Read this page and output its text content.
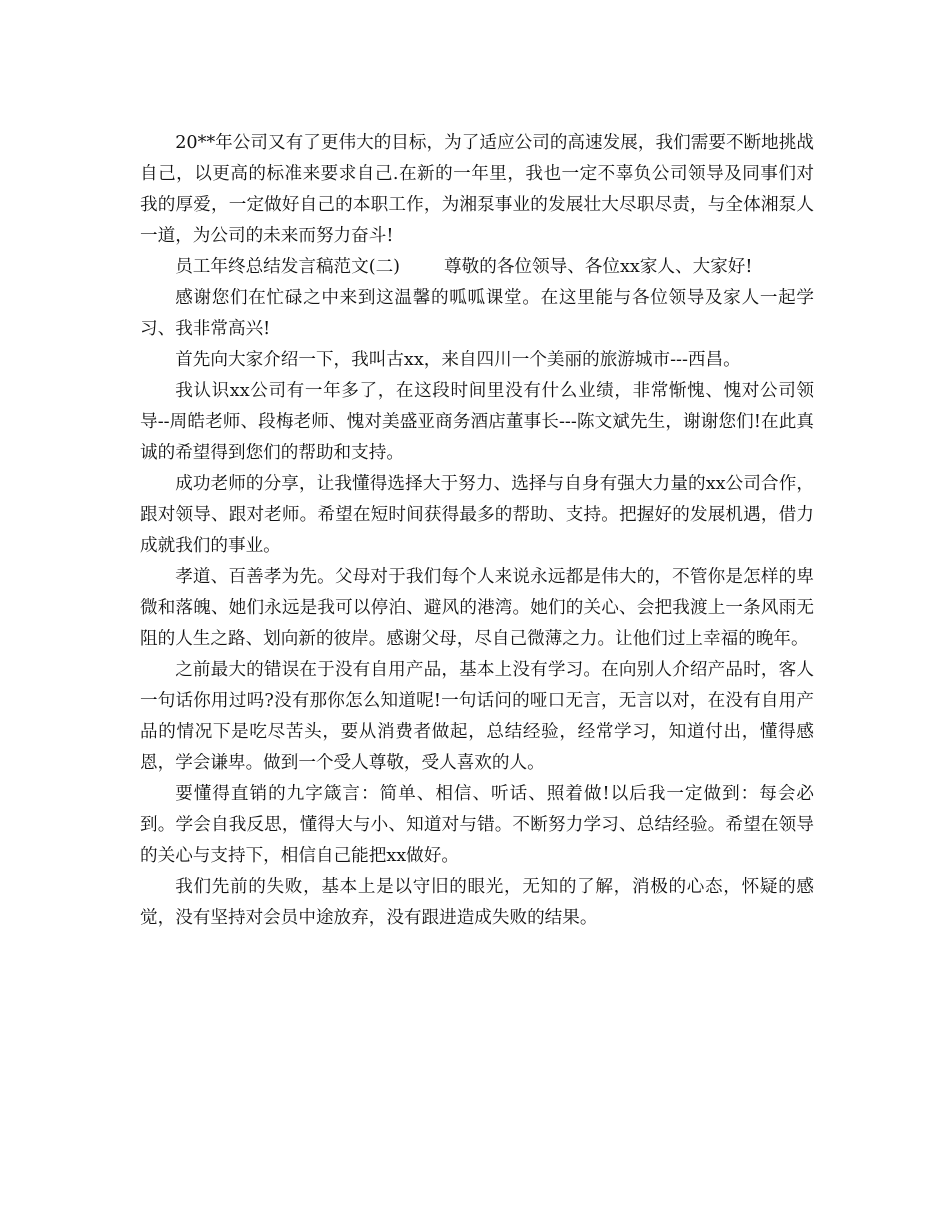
20**年公司又有了更伟大的目标，为了适应公司的高速发展，我们需要不断地挑战自己，以更高的标准来要求自己.在新的一年里，我也一定不辜负公司领导及同事们对我的厚爱，一定做好自己的本职工作，为湘泵事业的发展壮大尽职尽责，与全体湘泵人一道，为公司的未来而努力奋斗!

员工年终总结发言稿范文(二)	尊敬的各位领导、各位xx家人、大家好!

感谢您们在忙碌之中来到这温馨的呱呱课堂。在这里能与各位领导及家人一起学习、我非常高兴!

首先向大家介绍一下，我叫古xx，来自四川一个美丽的旅游城市---西昌。

我认识xx公司有一年多了，在这段时间里没有什么业绩，非常惭愧、愧对公司领导--周皓老师、段梅老师、愧对美盛亚商务酒店董事长---陈文斌先生，谢谢您们!在此真诚的希望得到您们的帮助和支持。

成功老师的分享，让我懂得选择大于努力、选择与自身有强大力量的xx公司合作，跟对领导、跟对老师。希望在短时间获得最多的帮助、支持。把握好的发展机遇，借力成就我们的事业。

孝道、百善孝为先。父母对于我们每个人来说永远都是伟大的，不管你是怎样的卑微和落魄、她们永远是我可以停泊、避风的港湾。她们的关心、会把我渡上一条风雨无阻的人生之路、划向新的彼岸。感谢父母，尽自己微薄之力。让他们过上幸福的晚年。

之前最大的错误在于没有自用产品，基本上没有学习。在向别人介绍产品时，客人一句话你用过吗?没有那你怎么知道呢!一句话问的哑口无言，无言以对，在没有自用产品的情况下是吃尽苦头，要从消费者做起，总结经验，经常学习，知道付出，懂得感恩，学会谦卑。做到一个受人尊敬，受人喜欢的人。

要懂得直销的九字箴言：简单、相信、听话、照着做!以后我一定做到：每会必到。学会自我反思，懂得大与小、知道对与错。不断努力学习、总结经验。希望在领导的关心与支持下，相信自己能把xx做好。

我们先前的失败，基本上是以守旧的眼光，无知的了解，消极的心态，怀疑的感觉，没有坚持对会员中途放弃，没有跟进造成失败的结果。
